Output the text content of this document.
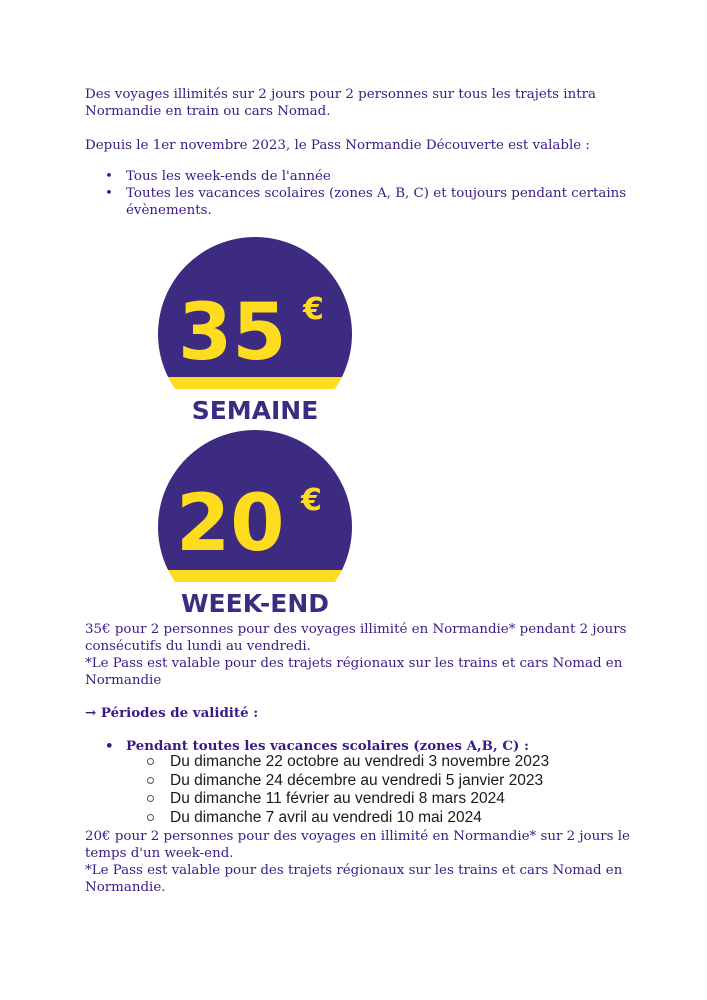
Des voyages illimités sur 2 jours pour 2 personnes sur tous les trajets intra Normandie en train ou cars Nomad.

Depuis le 1er novembre 2023, le Pass Normandie Découverte est valable :

• Tous les week-ends de l'année
• Toutes les vacances scolaires (zones A, B, C) et toujours pendant certains évènements.
35 €
SEMAINE
20 €
WEEK-END

35€ pour 2 personnes pour des voyages illimité en Normandie* pendant 2 jours consécutifs du lundi au vendredi.

*Le Pass est valable pour des trajets régionaux sur les trains et cars Nomad en Normandie

→ Périodes de validité :

• Pendant toutes les vacances scolaires (zones A,B, C) :
Du dimanche 22 octobre au vendredi 3 novembre 2023
Du dimanche 24 décembre au vendredi 5 janvier 2023
Du dimanche 11 février au vendredi 8 mars 2024
Du dimanche 7 avril au vendredi 10 mai 2024

20€ pour 2 personnes pour des voyages en illimité en Normandie* sur 2 jours le temps d'un week-end.

*Le Pass est valable pour des trajets régionaux sur les trains et cars Nomad en Normandie.
